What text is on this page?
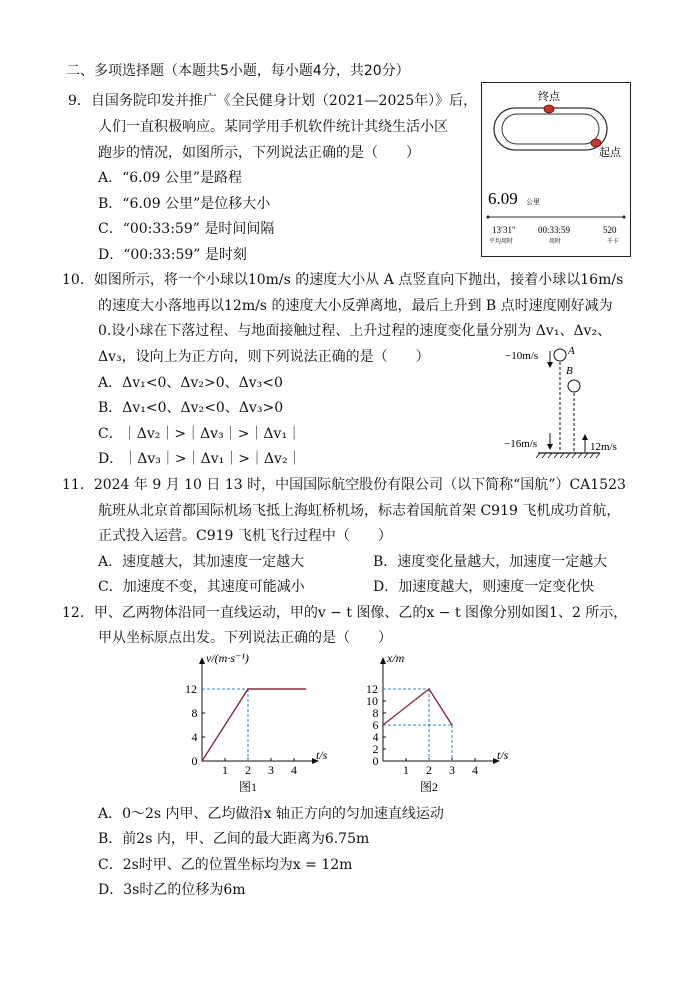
二、多项选择题（本题共5小题，每小题4分，共20分）
9．自国务院印发并推广《全民健身计划（2021—2025年）》后，
人们一直积极响应。某同学用手机软件统计其绕生活小区
跑步的情况，如图所示，下列说法正确的是（　　）
A．“6.09 公里”是路程
B．“6.09 公里”是位移大小
C．“00:33:59” 是时间间隔
D．“00:33:59” 是时刻
终点
起点
6.09 公里
13′31″
平均用时
00:33:59
用时
520
千卡
10．如图所示，将一个小球以10m/s 的速度大小从 A 点竖直向下抛出，接着小球以16m/s
的速度大小落地再以12m/s 的速度大小反弹离地，最后上升到 B 点时速度刚好减为
0.设小球在下落过程、与地面接触过程、上升过程的速度变化量分别为 Δv₁、Δv₂、
Δv₃，设向上为正方向，则下列说法正确的是（　　）
A．Δv₁<0、Δv₂>0、Δv₃<0
B．Δv₁<0、Δv₂<0、Δv₃>0
C．｜Δv₂｜>｜Δv₃｜>｜Δv₁｜
D．｜Δv₃｜>｜Δv₁｜>｜Δv₂｜
−10m/s	A
B
−16m/s	12m/s
11．2024 年 9 月 10 日 13 时，中国国际航空股份有限公司（以下简称“国航”）CA1523
航班从北京首都国际机场飞抵上海虹桥机场，标志着国航首架 C919 飞机成功首航，
正式投入运营。C919 飞机飞行过程中（　　）
A．速度越大，其加速度一定越大	B．速度变化量越大，加速度一定越大
C．加速度不变，其速度可能减小	D．加速度越大，则速度一定变化快
12．甲、乙两物体沿同一直线运动，甲的v − t 图像、乙的x − t 图像分别如图1、2 所示，
甲从坐标原点出发。下列说法正确的是（　　）
1 2 3 4
0
4
8
12
t/s
v/(m·s⁻¹)
图1
1 2 3 4
0
2
4
6
8
10
12
t/s
x/m
图2
A．0～2s 内甲、乙均做沿x 轴正方向的匀加速直线运动
B．前2s 内，甲、乙间的最大距离为6.75m
C．2s时甲、乙的位置坐标均为x = 12m
D．3s时乙的位移为6m
